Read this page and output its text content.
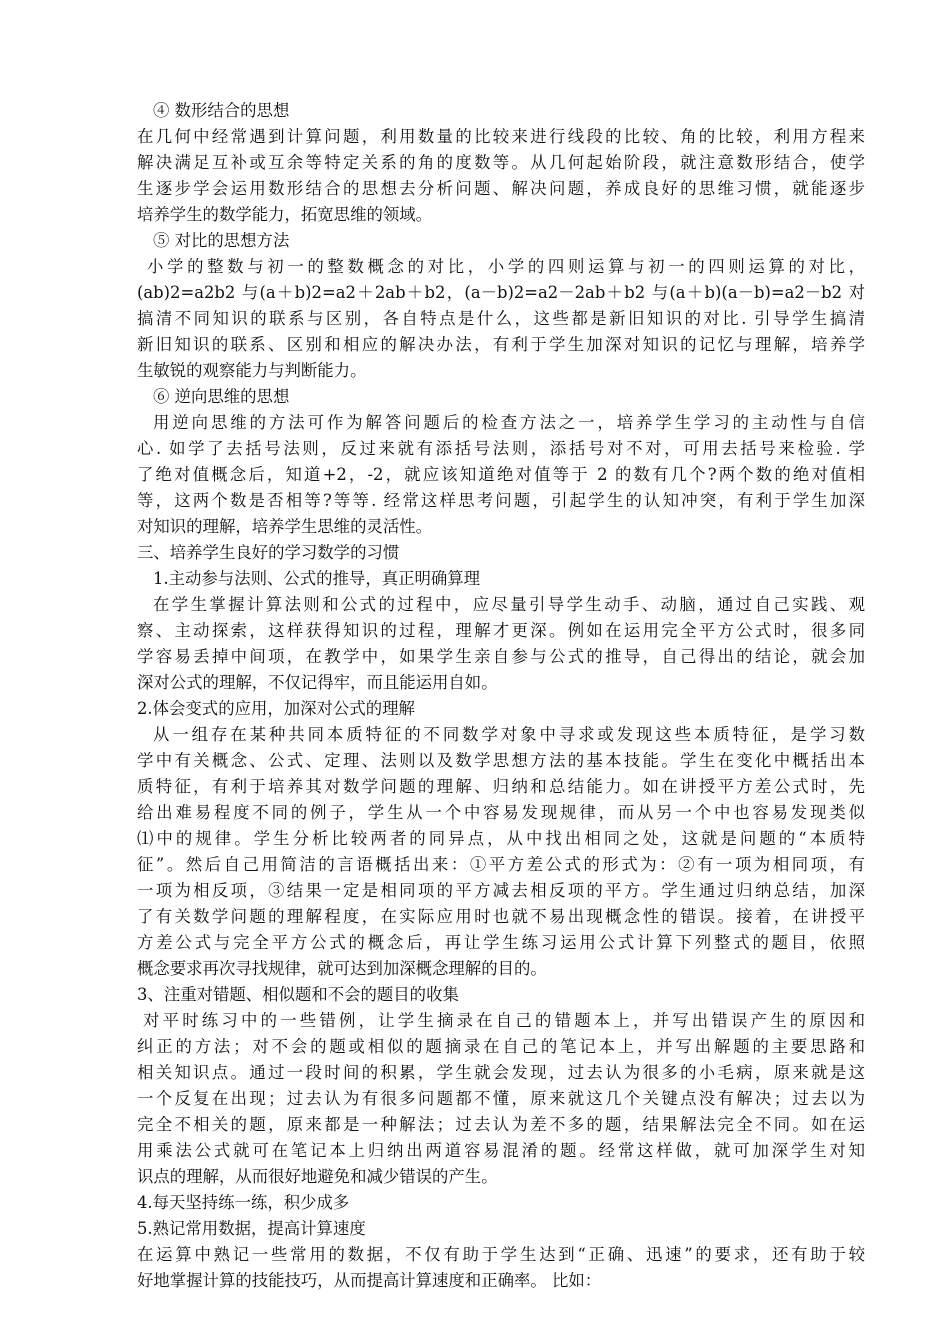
④ 数形结合的思想
在几何中经常遇到计算问题，利用数量的比较来进行线段的比较、角的比较，利用方程来
解决满足互补或互余等特定关系的角的度数等。从几何起始阶段，就注意数形结合，使学
生逐步学会运用数形结合的思想去分析问题、解决问题，养成良好的思维习惯，就能逐步
培养学生的数学能力，拓宽思维的领域。
⑤ 对比的思想方法
小学的整数与初一的整数概念的对比，小学的四则运算与初一的四则运算的对比，
(ab)2=a2b2 与(a＋b)2=a2＋2ab＋b2，(a－b)2=a2－2ab＋b2 与(a＋b)(a－b)=a2－b2 对
搞清不同知识的联系与区别，各自特点是什么，这些都是新旧知识的对比. 引导学生搞清
新旧知识的联系、区别和相应的解决办法，有利于学生加深对知识的记忆与理解，培养学
生敏锐的观察能力与判断能力。
⑥ 逆向思维的思想
用逆向思维的方法可作为解答问题后的检查方法之一，培养学生学习的主动性与自信
心. 如学了去括号法则，反过来就有添括号法则，添括号对不对，可用去括号来检验. 学
了绝对值概念后，知道+2，-2，就应该知道绝对值等于 2 的数有几个?两个数的绝对值相
等，这两个数是否相等?等等. 经常这样思考问题，引起学生的认知冲突，有利于学生加深
对知识的理解，培养学生思维的灵活性。
三、培养学生良好的学习数学的习惯
1.主动参与法则、公式的推导，真正明确算理
在学生掌握计算法则和公式的过程中，应尽量引导学生动手、动脑，通过自己实践、观
察、主动探索，这样获得知识的过程，理解才更深。例如在运用完全平方公式时，很多同
学容易丢掉中间项，在教学中，如果学生亲自参与公式的推导，自己得出的结论，就会加
深对公式的理解，不仅记得牢，而且能运用自如。
2.体会变式的应用，加深对公式的理解
从一组存在某种共同本质特征的不同数学对象中寻求或发现这些本质特征，是学习数
学中有关概念、公式、定理、法则以及数学思想方法的基本技能。学生在变化中概括出本
质特征，有利于培养其对数学问题的理解、归纳和总结能力。如在讲授平方差公式时，先
给出难易程度不同的例子，学生从一个中容易发现规律，而从另一个中也容易发现类似
⑴中的规律。学生分析比较两者的同异点，从中找出相同之处，这就是问题的“本质特
征”。然后自己用简洁的言语概括出来：①平方差公式的形式为：②有一项为相同项，有
一项为相反项，③结果一定是相同项的平方减去相反项的平方。学生通过归纳总结，加深
了有关数学问题的理解程度，在实际应用时也就不易出现概念性的错误。接着，在讲授平
方差公式与完全平方公式的概念后，再让学生练习运用公式计算下列整式的题目，依照
概念要求再次寻找规律，就可达到加深概念理解的目的。
3、注重对错题、相似题和不会的题目的收集
对平时练习中的一些错例，让学生摘录在自己的错题本上，并写出错误产生的原因和
纠正的方法；对不会的题或相似的题摘录在自己的笔记本上，并写出解题的主要思路和
相关知识点。通过一段时间的积累，学生就会发现，过去认为很多的小毛病，原来就是这
一个反复在出现；过去认为有很多问题都不懂，原来就这几个关键点没有解决；过去以为
完全不相关的题，原来都是一种解法；过去认为差不多的题，结果解法完全不同。如在运
用乘法公式就可在笔记本上归纳出两道容易混淆的题。经常这样做，就可加深学生对知
识点的理解，从而很好地避免和减少错误的产生。
4.每天坚持练一练，积少成多
5.熟记常用数据，提高计算速度
在运算中熟记一些常用的数据，不仅有助于学生达到“正确、迅速”的要求，还有助于较
好地掌握计算的技能技巧，从而提高计算速度和正确率。 比如：
